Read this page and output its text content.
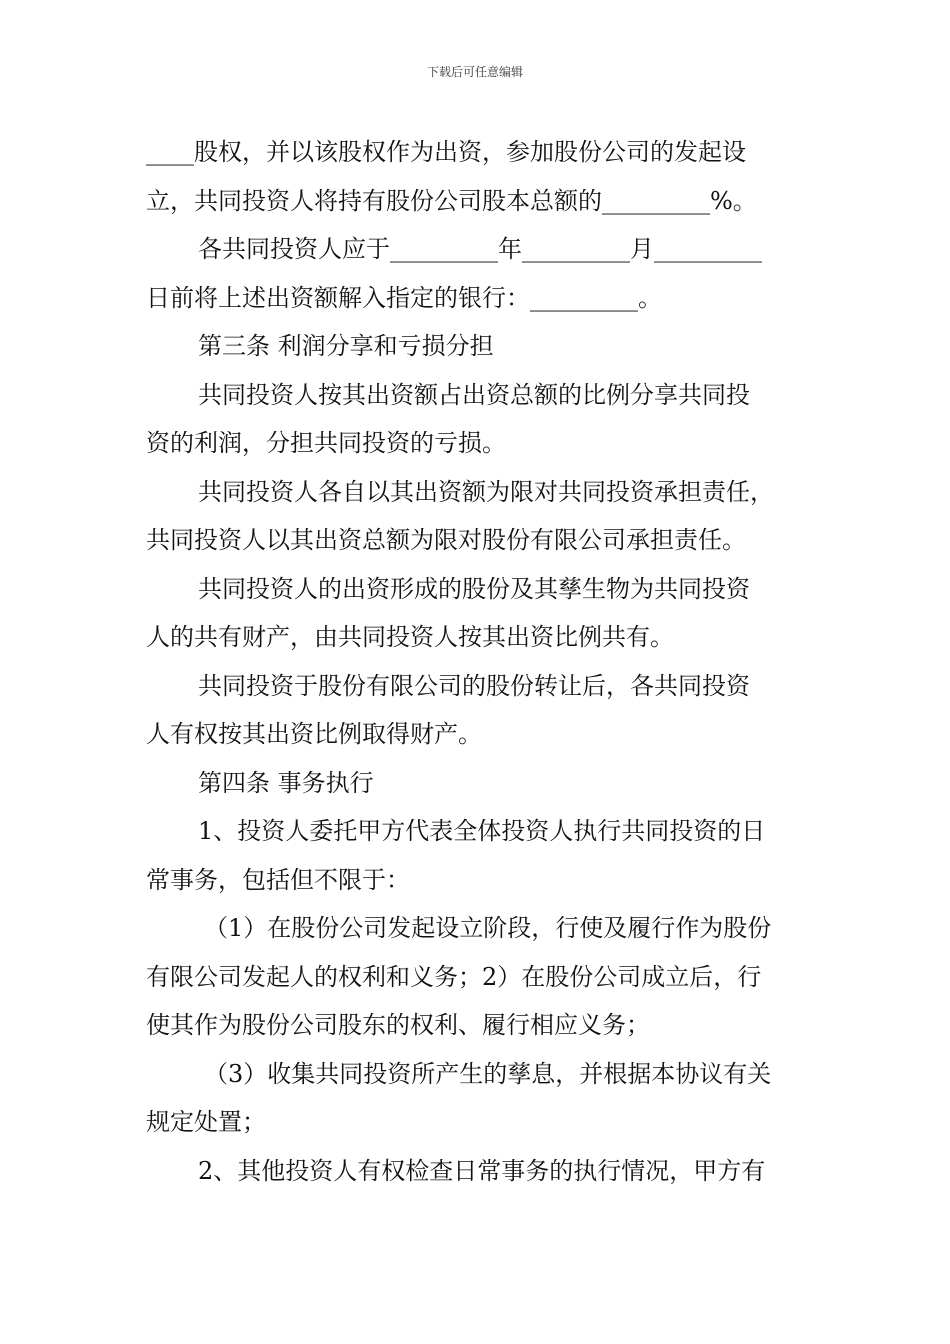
下载后可任意编辑
____股权，并以该股权作为出资，参加股份公司的发起设
立，共同投资人将持有股份公司股本总额的_________%。
各共同投资人应于_________年_________月_________
日前将上述出资额解入指定的银行：_________。
第三条 利润分享和亏损分担
共同投资人按其出资额占出资总额的比例分享共同投
资的利润，分担共同投资的亏损。
共同投资人各自以其出资额为限对共同投资承担责任，
共同投资人以其出资总额为限对股份有限公司承担责任。
共同投资人的出资形成的股份及其孳生物为共同投资
人的共有财产，由共同投资人按其出资比例共有。
共同投资于股份有限公司的股份转让后，各共同投资
人有权按其出资比例取得财产。
第四条 事务执行
1、投资人委托甲方代表全体投资人执行共同投资的日
常事务，包括但不限于：
（1）在股份公司发起设立阶段，行使及履行作为股份
有限公司发起人的权利和义务；2）在股份公司成立后，行
使其作为股份公司股东的权利、履行相应义务；
（3）收集共同投资所产生的孳息，并根据本协议有关
规定处置；
2、其他投资人有权检查日常事务的执行情况，甲方有
